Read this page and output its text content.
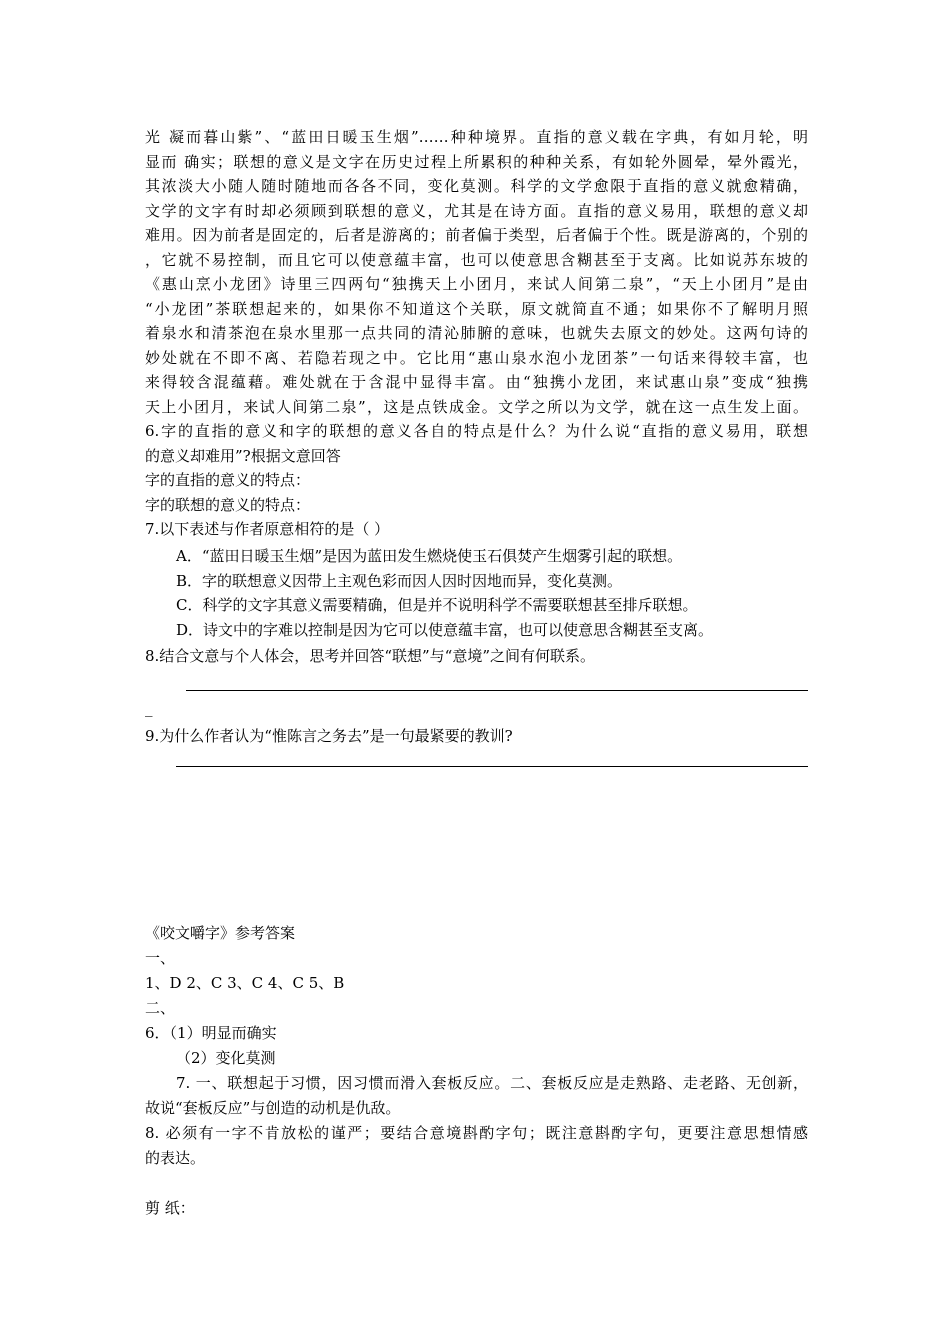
光 凝而暮山紫”、“蓝田日暖玉生烟”……种种境界。直指的意义载在字典，有如月轮，明
显而 确实；联想的意义是文字在历史过程上所累积的种种关系，有如轮外圆晕，晕外霞光，
其浓淡大小随人随时随地而各各不同，变化莫测。科学的文学愈限于直指的意义就愈精确，
文学的文字有时却必须顾到联想的意义，尤其是在诗方面。直指的意义易用，联想的意义却
难用。因为前者是固定的，后者是游离的；前者偏于类型，后者偏于个性。既是游离的，个别的
，它就不易控制，而且它可以使意蕴丰富，也可以使意思含糊甚至于支离。比如说苏东坡的
《惠山烹小龙团》诗里三四两句“独携天上小团月，来试人间第二泉”，“天上小团月”是由
“小龙团”茶联想起来的，如果你不知道这个关联，原文就简直不通；如果你不了解明月照
着泉水和清茶泡在泉水里那一点共同的清沁肺腑的意味，也就失去原文的妙处。这两句诗的
妙处就在不即不离、若隐若现之中。它比用“惠山泉水泡小龙团茶”一句话来得较丰富，也
来得较含混蕴藉。难处就在于含混中显得丰富。由“独携小龙团，来试惠山泉”变成“独携
天上小团月，来试人间第二泉”，这是点铁成金。文学之所以为文学，就在这一点生发上面。
6.字的直指的意义和字的联想的意义各自的特点是什么？为什么说“直指的意义易用，联想
的意义却难用”?根据文意回答
字的直指的意义的特点：
字的联想的意义的特点：
7.以下表述与作者原意相符的是（ ）
A．“蓝田日暖玉生烟”是因为蓝田发生燃烧使玉石俱焚产生烟雾引起的联想。
B．字的联想意义因带上主观色彩而因人因时因地而异，变化莫测。
C．科学的文字其意义需要精确，但是并不说明科学不需要联想甚至排斥联想。
D．诗文中的字难以控制是因为它可以使意蕴丰富，也可以使意思含糊甚至支离。
8.结合文意与个人体会，思考并回答“联想”与“意境”之间有何联系。
_
9.为什么作者认为“惟陈言之务去”是一句最紧要的教训?
《咬文嚼字》参考答案
一、
1、D 2、C 3、C 4、C 5、B
二、
6．（1）明显而确实
（2）变化莫测
7. 一、联想起于习惯，因习惯而滑入套板反应。二、套板反应是走熟路、走老路、无创新，
故说“套板反应”与创造的动机是仇敌。
8. 必须有一字不肯放松的谨严；要结合意境斟酌字句；既注意斟酌字句，更要注意思想情感
的表达。
剪 纸：
